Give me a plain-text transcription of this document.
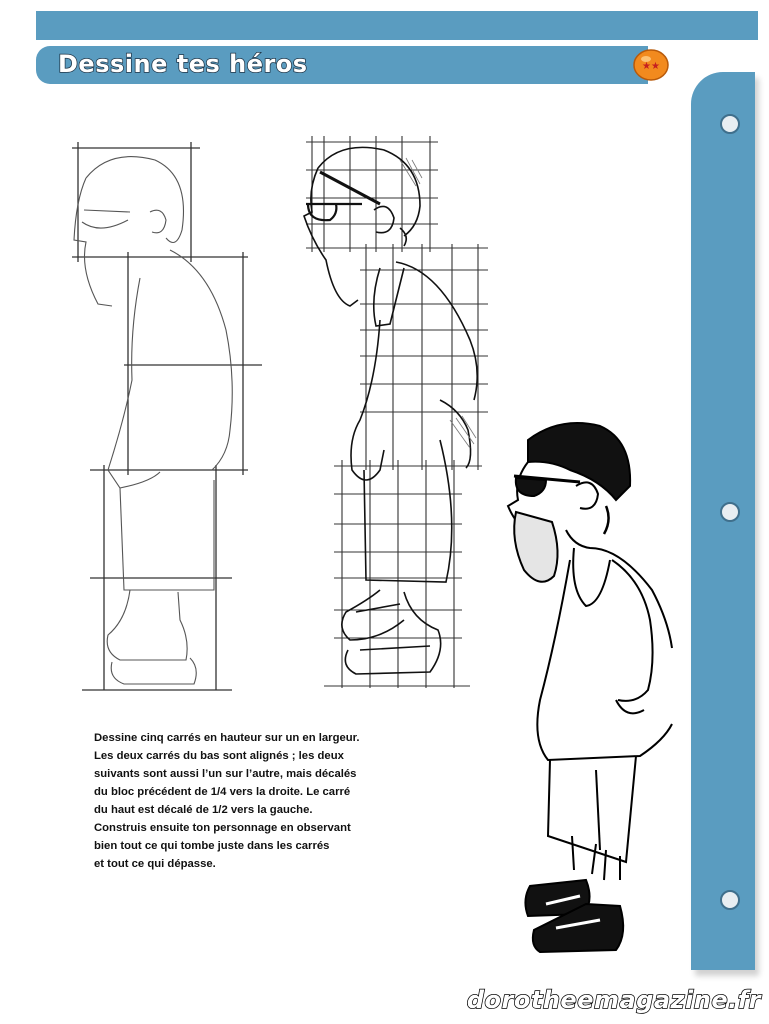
Dessine tes héros	★★
Dessine cinq carrés en hauteur sur un en largeur.
Les deux carrés du bas sont alignés ; les deux
suivants sont aussi l’un sur l’autre, mais décalés
du bloc précédent de 1/4 vers la droite. Le carré
du haut est décalé de 1/2 vers la gauche.
Construis ensuite ton personnage en observant
bien tout ce qui tombe juste dans les carrés
et tout ce qui dépasse.
dorotheemagazine.fr
